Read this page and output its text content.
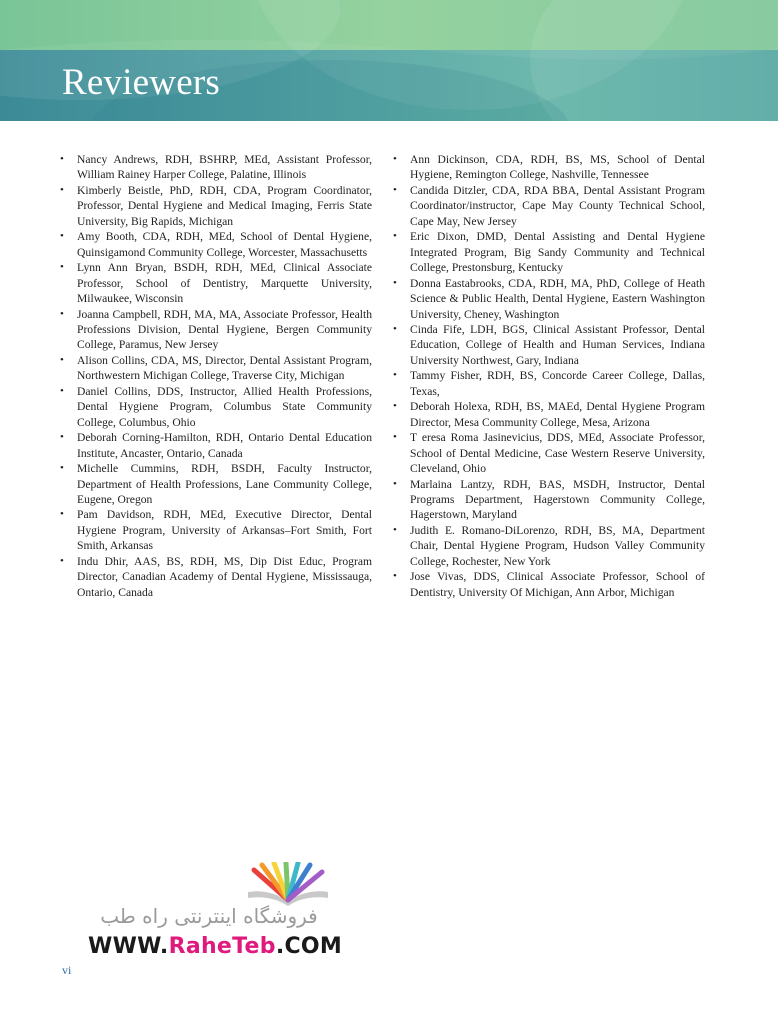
Reviewers
• Nancy Andrews, RDH, BSHRP, MEd, Assistant Professor, William Rainey Harper College, Palatine, Illinois
• Kimberly Beistle, PhD, RDH, CDA, Program Coordinator, Professor, Dental Hygiene and Medical Imaging, Ferris State University, Big Rapids, Michigan
• Amy Booth, CDA, RDH, MEd, School of Dental Hygiene, Quinsigamond Community College, Worcester, Massachusetts
• Lynn Ann Bryan, BSDH, RDH, MEd, Clinical Associate Professor, School of Dentistry, Marquette University, Milwaukee, Wisconsin
• Joanna Campbell, RDH, MA, MA, Associate Professor, Health Professions Division, Dental Hygiene, Bergen Community College, Paramus, New Jersey
• Alison Collins, CDA, MS, Director, Dental Assistant Program, Northwestern Michigan College, Traverse City, Michigan
• Daniel Collins, DDS, Instructor, Allied Health Professions, Dental Hygiene Program, Columbus State Community College, Columbus, Ohio
• Deborah Corning-Hamilton, RDH, Ontario Dental Education Institute, Ancaster, Ontario, Canada
• Michelle Cummins, RDH, BSDH, Faculty Instructor, Department of Health Professions, Lane Community College, Eugene, Oregon
• Pam Davidson, RDH, MEd, Executive Director, Dental Hygiene Program, University of Arkansas–Fort Smith, Fort Smith, Arkansas
• Indu Dhir, AAS, BS, RDH, MS, Dip Dist Educ, Program Director, Canadian Academy of Dental Hygiene, Mississauga, Ontario, Canada
• Ann Dickinson, CDA, RDH, BS, MS, School of Dental Hygiene, Remington College, Nashville, Tennessee
• Candida Ditzler, CDA, RDA BBA, Dental Assistant Program Coordinator/instructor, Cape May County Technical School, Cape May, New Jersey
• Eric Dixon, DMD, Dental Assisting and Dental Hygiene Integrated Program, Big Sandy Community and Technical College, Prestonsburg, Kentucky
• Donna Eastabrooks, CDA, RDH, MA, PhD, College of Heath Science & Public Health, Dental Hygiene, Eastern Washington University, Cheney, Washington
• Cinda Fife, LDH, BGS, Clinical Assistant Professor, Dental Education, College of Health and Human Services, Indiana University Northwest, Gary, Indiana
• Tammy Fisher, RDH, BS, Concorde Career College, Dallas, Texas,
• Deborah Holexa, RDH, BS, MAEd, Dental Hygiene Program Director, Mesa Community College, Mesa, Arizona
• T eresa Roma Jasinevicius, DDS, MEd, Associate Professor, School of Dental Medicine, Case Western Reserve University, Cleveland, Ohio
• Marlaina Lantzy, RDH, BAS, MSDH, Instructor, Dental Programs Department, Hagerstown Community College, Hagerstown, Maryland
• Judith E. Romano-DiLorenzo, RDH, BS, MA, Department Chair, Dental Hygiene Program, Hudson Valley Community College, Rochester, New York
• Jose Vivas, DDS, Clinical Associate Professor, School of Dentistry, University Of Michigan, Ann Arbor, Michigan
فروشگاه اینترنتی راه طب
WWW.RaheTeb.COM
vi
